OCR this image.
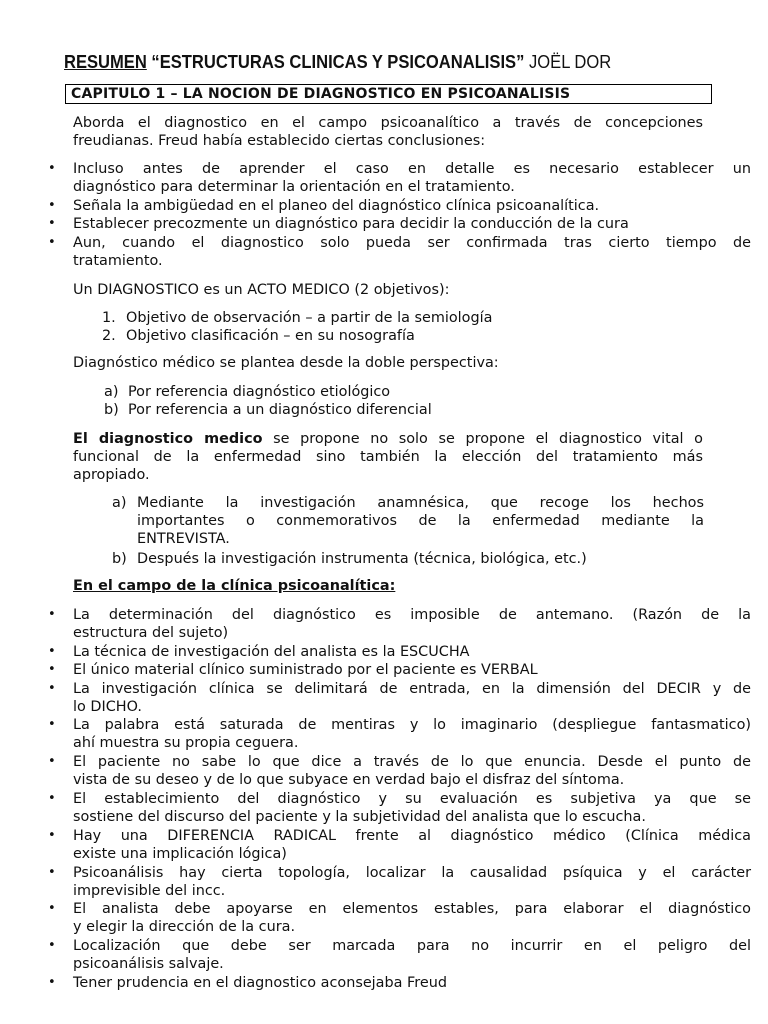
RESUMEN “ESTRUCTURAS CLINICAS Y PSICOANALISIS” JOËL DOR
CAPITULO 1 – LA NOCION DE DIAGNOSTICO EN PSICOANALISIS
Aborda el diagnostico en el campo psicoanalítico a través de concepciones
freudianas. Freud había establecido ciertas conclusiones:
• Incluso antes de aprender el caso en detalle es necesario establecer un
diagnóstico para determinar la orientación en el tratamiento.
• Señala la ambigüedad en el planeo del diagnóstico clínica psicoanalítica.
• Establecer precozmente un diagnóstico para decidir la conducción de la cura
• Aun, cuando el diagnostico solo pueda ser confirmada tras cierto tiempo de
tratamiento.
Un DIAGNOSTICO es un ACTO MEDICO (2 objetivos):
1. Objetivo de observación – a partir de la semiología
2. Objetivo clasificación – en su nosografía
Diagnóstico médico se plantea desde la doble perspectiva:
a) Por referencia diagnóstico etiológico
b) Por referencia a un diagnóstico diferencial
El diagnostico medico se propone no solo se propone el diagnostico vital o
funcional de la enfermedad sino también la elección del tratamiento más
apropiado.
a) Mediante la investigación anamnésica, que recoge los hechos
importantes o conmemorativos de la enfermedad mediante la
ENTREVISTA.
b) Después la investigación instrumenta (técnica, biológica, etc.)
En el campo de la clínica psicoanalítica:
• La determinación del diagnóstico es imposible de antemano. (Razón de la
estructura del sujeto)
• La técnica de investigación del analista es la ESCUCHA
• El único material clínico suministrado por el paciente es VERBAL
• La investigación clínica se delimitará de entrada, en la dimensión del DECIR y de
lo DICHO.
• La palabra está saturada de mentiras y lo imaginario (despliegue fantasmatico)
ahí muestra su propia ceguera.
• El paciente no sabe lo que dice a través de lo que enuncia. Desde el punto de
vista de su deseo y de lo que subyace en verdad bajo el disfraz del síntoma.
• El establecimiento del diagnóstico y su evaluación es subjetiva ya que se
sostiene del discurso del paciente y la subjetividad del analista que lo escucha.
• Hay una DIFERENCIA RADICAL frente al diagnóstico médico (Clínica médica
existe una implicación lógica)
• Psicoanálisis hay cierta topología, localizar la causalidad psíquica y el carácter
imprevisible del incc.
• El analista debe apoyarse en elementos estables, para elaborar el diagnóstico
y elegir la dirección de la cura.
• Localización que debe ser marcada para no incurrir en el peligro del
psicoanálisis salvaje.
• Tener prudencia en el diagnostico aconsejaba Freud
